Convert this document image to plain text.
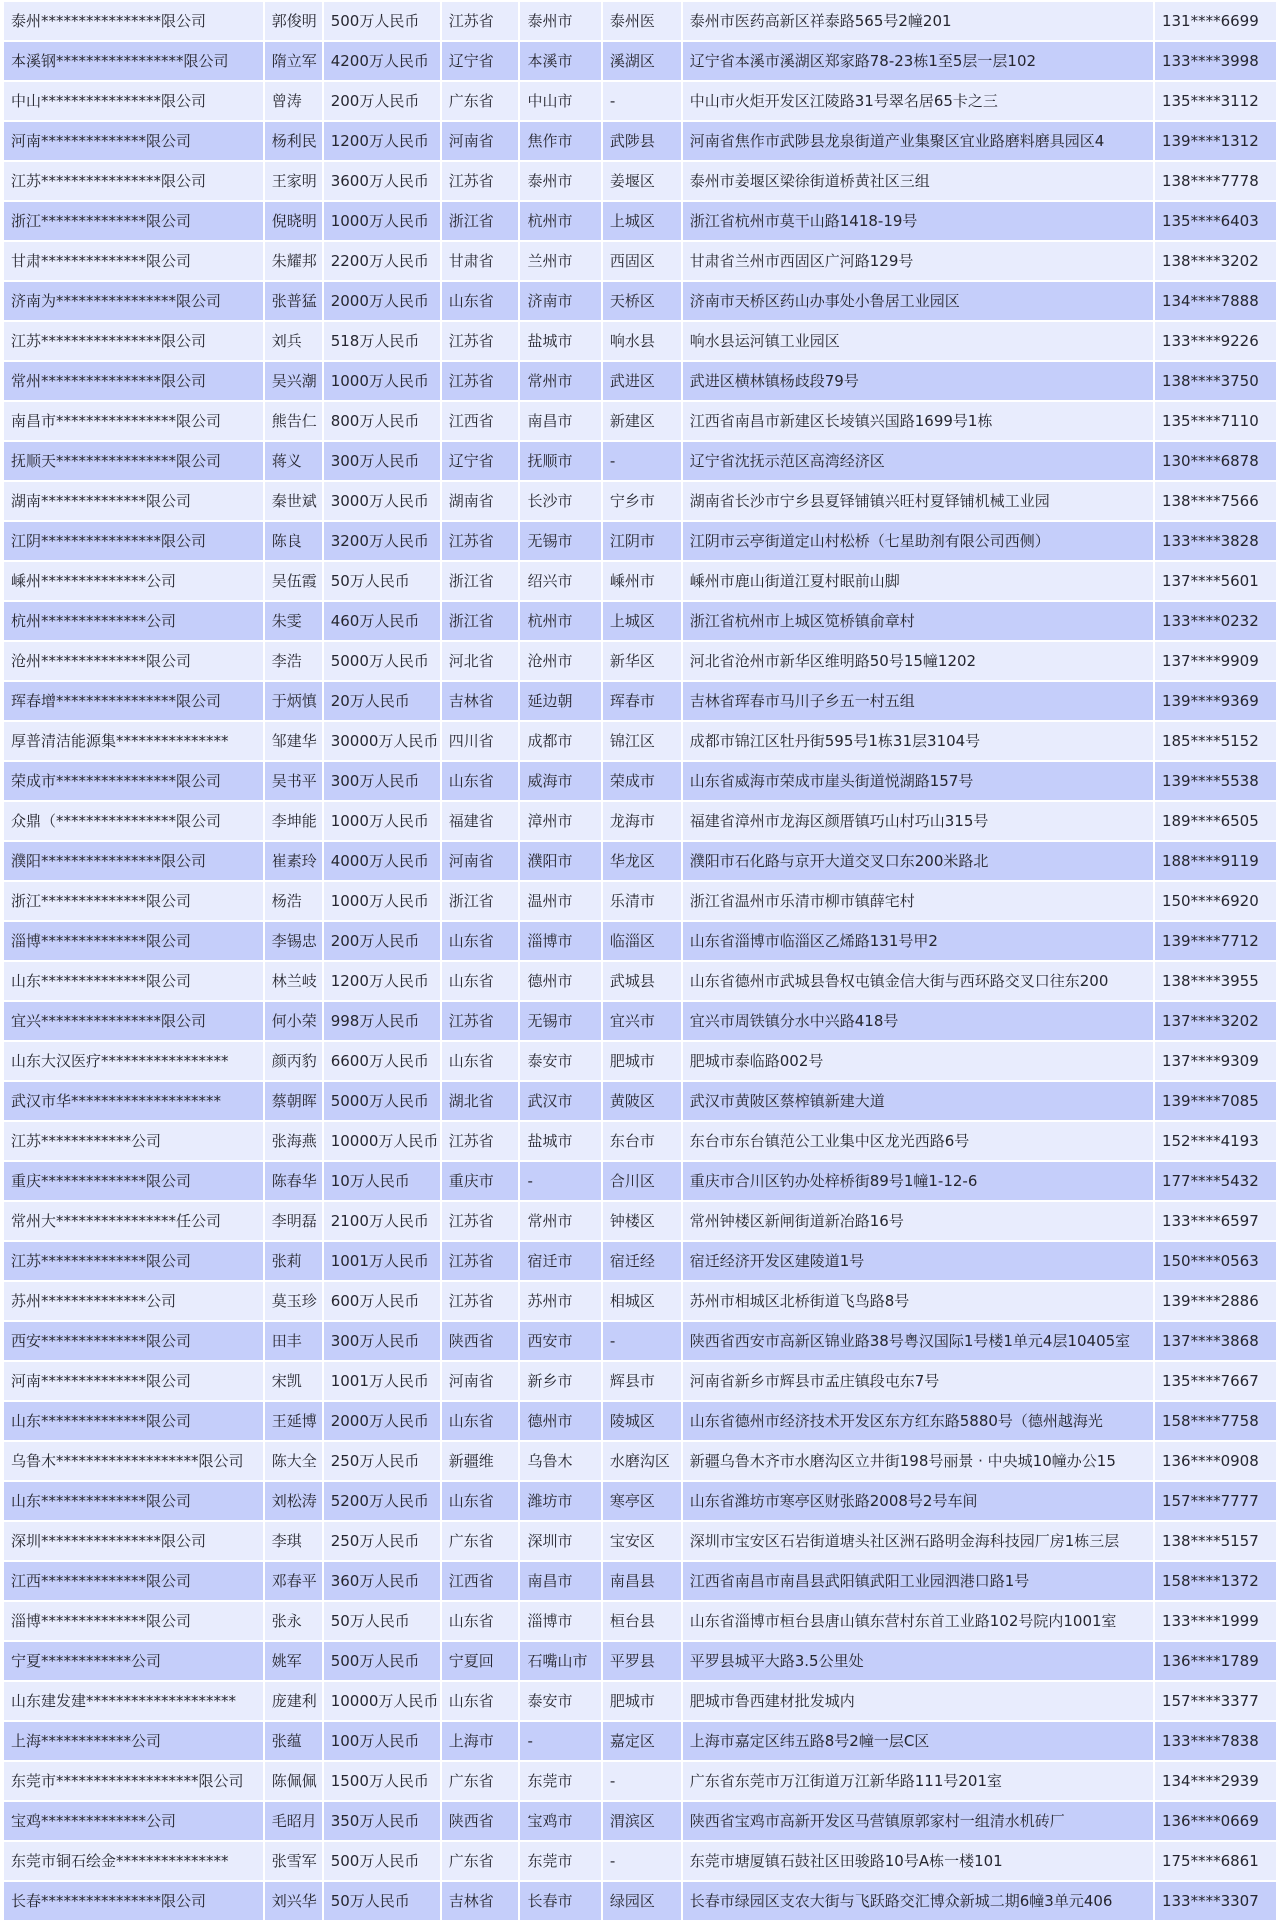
泰州****************限公司	郭俊明	500万人民币	江苏省	泰州市	泰州医	泰州市医药高新区祥泰路565号2幢201	131****6699
本溪钢*****************限公司	隋立军	4200万人民币	辽宁省	本溪市	溪湖区	辽宁省本溪市溪湖区郑家路78-23栋1至5层一层102	133****3998
中山****************限公司	曾涛	200万人民币	广东省	中山市	-	中山市火炬开发区江陵路31号翠名居65卡之三	135****3112
河南**************限公司	杨利民	1200万人民币	河南省	焦作市	武陟县	河南省焦作市武陟县龙泉街道产业集聚区宜业路磨料磨具园区4	139****1312
江苏****************限公司	王家明	3600万人民币	江苏省	泰州市	姜堰区	泰州市姜堰区梁徐街道桥黄社区三组	138****7778
浙江**************限公司	倪晓明	1000万人民币	浙江省	杭州市	上城区	浙江省杭州市莫干山路1418-19号	135****6403
甘肃**************限公司	朱耀邦	2200万人民币	甘肃省	兰州市	西固区	甘肃省兰州市西固区广河路129号	138****3202
济南为****************限公司	张普猛	2000万人民币	山东省	济南市	天桥区	济南市天桥区药山办事处小鲁居工业园区	134****7888
江苏****************限公司	刘兵	518万人民币	江苏省	盐城市	响水县	响水县运河镇工业园区	133****9226
常州****************限公司	吴兴潮	1000万人民币	江苏省	常州市	武进区	武进区横林镇杨歧段79号	138****3750
南昌市****************限公司	熊告仁	800万人民币	江西省	南昌市	新建区	江西省南昌市新建区长堎镇兴国路1699号1栋	135****7110
抚顺天****************限公司	蒋义	300万人民币	辽宁省	抚顺市	-	辽宁省沈抚示范区高湾经济区	130****6878
湖南**************限公司	秦世斌	3000万人民币	湖南省	长沙市	宁乡市	湖南省长沙市宁乡县夏铎铺镇兴旺村夏铎铺机械工业园	138****7566
江阴****************限公司	陈良	3200万人民币	江苏省	无锡市	江阴市	江阴市云亭街道定山村松桥（七星助剂有限公司西侧）	133****3828
嵊州**************公司	吴伍霞	50万人民币	浙江省	绍兴市	嵊州市	嵊州市鹿山街道江夏村眠前山脚	137****5601
杭州**************公司	朱雯	460万人民币	浙江省	杭州市	上城区	浙江省杭州市上城区笕桥镇俞章村	133****0232
沧州**************限公司	李浩	5000万人民币	河北省	沧州市	新华区	河北省沧州市新华区维明路50号15幢1202	137****9909
珲春增****************限公司	于炳慎	20万人民币	吉林省	延边朝	珲春市	吉林省珲春市马川子乡五一村五组	139****9369
厚普清洁能源集***************	邹建华	30000万人民币	四川省	成都市	锦江区	成都市锦江区牡丹街595号1栋31层3104号	185****5152
荣成市****************限公司	吴书平	300万人民币	山东省	威海市	荣成市	山东省威海市荣成市崖头街道悦湖路157号	139****5538
众鼎（****************限公司	李坤能	1000万人民币	福建省	漳州市	龙海市	福建省漳州市龙海区颜厝镇巧山村巧山315号	189****6505
濮阳****************限公司	崔素玲	4000万人民币	河南省	濮阳市	华龙区	濮阳市石化路与京开大道交叉口东200米路北	188****9119
浙江**************限公司	杨浩	1000万人民币	浙江省	温州市	乐清市	浙江省温州市乐清市柳市镇薛宅村	150****6920
淄博**************限公司	李锡忠	200万人民币	山东省	淄博市	临淄区	山东省淄博市临淄区乙烯路131号甲2	139****7712
山东**************限公司	林兰岐	1200万人民币	山东省	德州市	武城县	山东省德州市武城县鲁权屯镇金信大街与西环路交叉口往东200	138****3955
宜兴****************限公司	何小荣	998万人民币	江苏省	无锡市	宜兴市	宜兴市周铁镇分水中兴路418号	137****3202
山东大汉医疗*****************	颜丙豹	6600万人民币	山东省	泰安市	肥城市	肥城市泰临路002号	137****9309
武汉市华********************	蔡朝晖	5000万人民币	湖北省	武汉市	黄陂区	武汉市黄陂区蔡榨镇新建大道	139****7085
江苏************公司	张海燕	10000万人民币	江苏省	盐城市	东台市	东台市东台镇范公工业集中区龙光西路6号	152****4193
重庆**************限公司	陈春华	10万人民币	重庆市	-	合川区	重庆市合川区钓办处梓桥街89号1幢1-12-6	177****5432
常州大****************任公司	李明磊	2100万人民币	江苏省	常州市	钟楼区	常州钟楼区新闸街道新冶路16号	133****6597
江苏**************限公司	张莉	1001万人民币	江苏省	宿迁市	宿迁经	宿迁经济开发区建陵道1号	150****0563
苏州**************公司	莫玉珍	600万人民币	江苏省	苏州市	相城区	苏州市相城区北桥街道飞鸟路8号	139****2886
西安**************限公司	田丰	300万人民币	陕西省	西安市	-	陕西省西安市高新区锦业路38号粤汉国际1号楼1单元4层10405室	137****3868
河南**************限公司	宋凯	1001万人民币	河南省	新乡市	辉县市	河南省新乡市辉县市孟庄镇段屯东7号	135****7667
山东**************限公司	王延博	2000万人民币	山东省	德州市	陵城区	山东省德州市经济技术开发区东方红东路5880号（德州越海光	158****7758
乌鲁木*******************限公司	陈大全	250万人民币	新疆维	乌鲁木	水磨沟区	新疆乌鲁木齐市水磨沟区立井街198号丽景 · 中央城10幢办公15	136****0908
山东**************限公司	刘松涛	5200万人民币	山东省	潍坊市	寒亭区	山东省潍坊市寒亭区财张路2008号2号车间	157****7777
深圳****************限公司	李琪	250万人民币	广东省	深圳市	宝安区	深圳市宝安区石岩街道塘头社区洲石路明金海科技园厂房1栋三层	138****5157
江西**************限公司	邓春平	360万人民币	江西省	南昌市	南昌县	江西省南昌市南昌县武阳镇武阳工业园泗港口路1号	158****1372
淄博**************限公司	张永	50万人民币	山东省	淄博市	桓台县	山东省淄博市桓台县唐山镇东营村东首工业路102号院内1001室	133****1999
宁夏************公司	姚军	500万人民币	宁夏回	石嘴山市	平罗县	平罗县城平大路3.5公里处	136****1789
山东建发建********************	庞建利	10000万人民币	山东省	泰安市	肥城市	肥城市鲁西建材批发城内	157****3377
上海************公司	张蕴	100万人民币	上海市	-	嘉定区	上海市嘉定区纬五路8号2幢一层C区	133****7838
东莞市*******************限公司	陈佩佩	1500万人民币	广东省	东莞市	-	广东省东莞市万江街道万江新华路111号201室	134****2939
宝鸡**************公司	毛昭月	350万人民币	陕西省	宝鸡市	渭滨区	陕西省宝鸡市高新开发区马营镇原郭家村一组清水机砖厂	136****0669
东莞市铜石绘金***************	张雪军	500万人民币	广东省	东莞市	-	东莞市塘厦镇石鼓社区田骏路10号A栋一楼101	175****6861
长春****************限公司	刘兴华	50万人民币	吉林省	长春市	绿园区	长春市绿园区支农大街与飞跃路交汇博众新城二期6幢3单元406	133****3307
